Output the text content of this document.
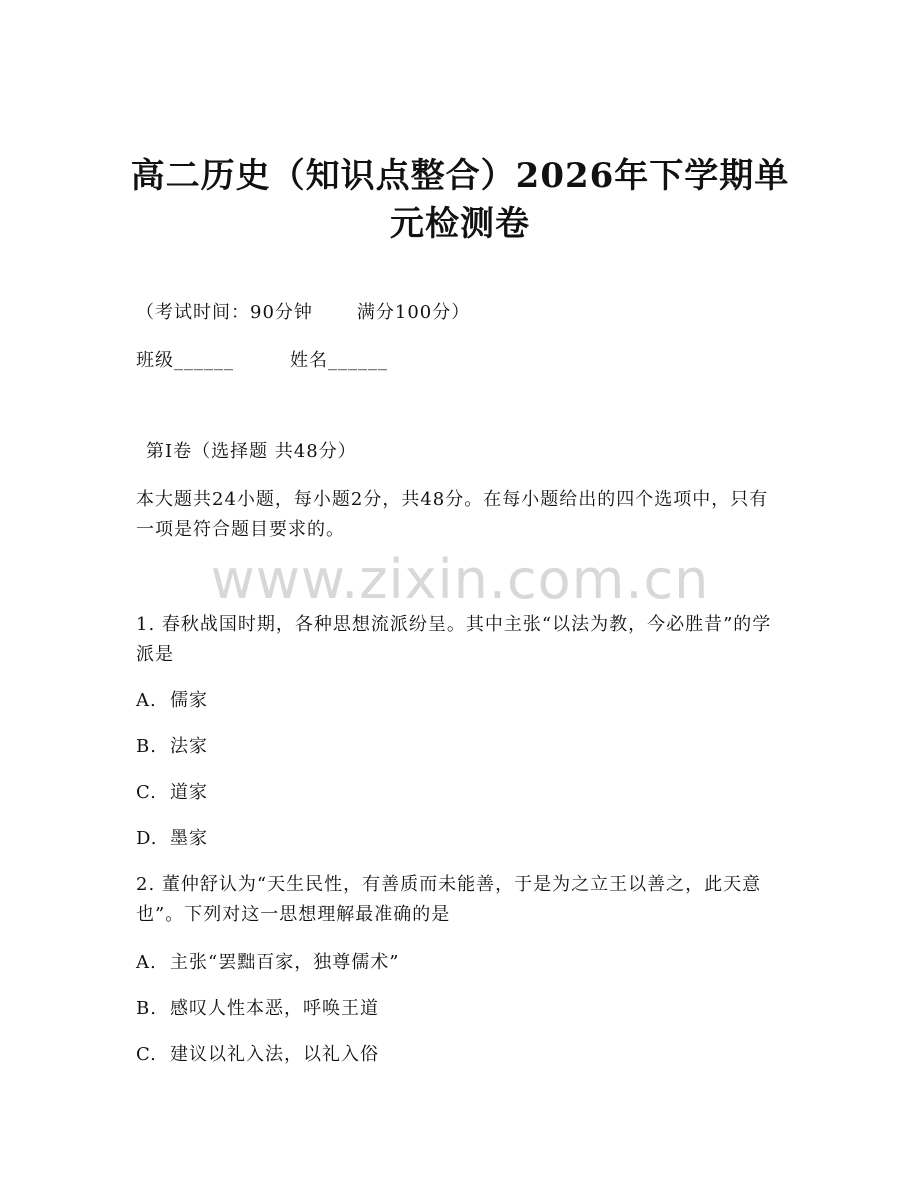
高二历史（知识点整合）2026年下学期单元检测卷
（考试时间：90分钟 满分100分）
班级______	姓名______
第Ⅰ卷（选择题 共48分）
本大题共24小题，每小题2分，共48分。在每小题给出的四个选项中，只有一项是符合题目要求的。
www.zixin.com.cn
1. 春秋战国时期，各种思想流派纷呈。其中主张“以法为教，今必胜昔”的学派是
A. 儒家
B. 法家
C. 道家
D. 墨家
2. 董仲舒认为“天生民性，有善质而未能善，于是为之立王以善之，此天意也”。下列对这一思想理解最准确的是
A. 主张“罢黜百家，独尊儒术”
B. 感叹人性本恶，呼唤王道
C. 建议以礼入法，以礼入俗
